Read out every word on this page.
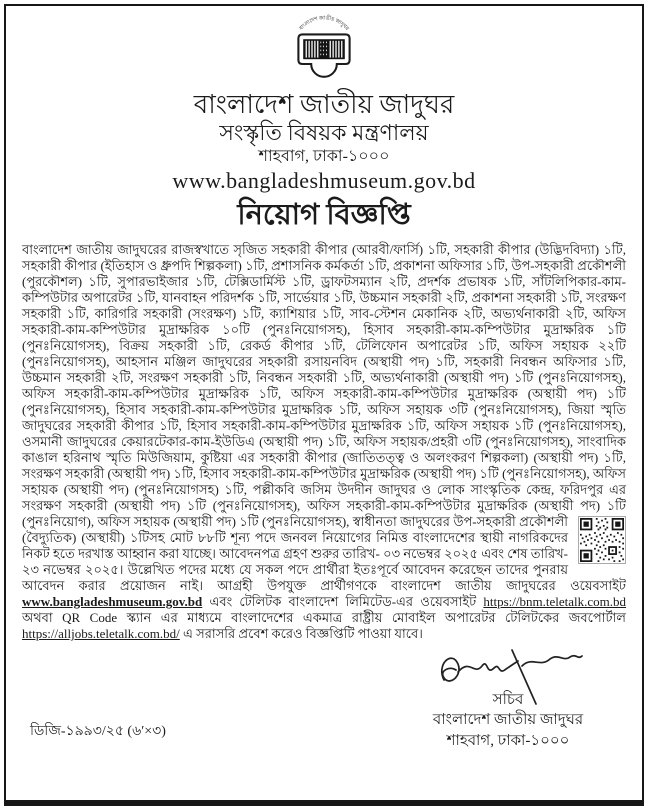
বাংলাদেশ জাতীয় জাদুঘর
বাংলাদেশ জাতীয় জাদুঘর
সংস্কৃতি বিষয়ক মন্ত্রণালয়
শাহবাগ, ঢাকা-১০০০
www.bangladeshmuseum.gov.bd
নিয়োগ বিজ্ঞপ্তি

বাংলাদেশ জাতীয় জাদুঘরের রাজস্বখাতে সৃজিত সহকারী কীপার (আরবী/ফার্সি) ১টি, সহকারী কীপার (উদ্ভিদবিদ্যা) ১টি, সহকারী কীপার (ইতিহাস ও ধ্রুপদি শিল্পকলা) ১টি, প্রশাসনিক কর্মকর্তা ১টি, প্রকাশনা অফিসার ১টি, উপ-সহকারী প্রকৌশলী (পুরকৌশল) ১টি, সুপারভাইজার ১টি, টেক্সিডার্মিস্ট ১টি, ড্রাফটসম্যান ২টি, প্রদর্শক প্রভাষক ১টি, সাঁটলিপিকার-কাম-কম্পিউটার অপারেটর ১টি, যানবাহন পরিদর্শক ১টি, সার্ভেয়ার ১টি, উচ্চমান সহকারী ২টি, প্রকাশনা সহকারী ১টি, সংরক্ষণ সহকারী ১টি, কারিগরি সহকারী (সংরক্ষণ) ১টি, ক্যাশিয়ার ১টি, সাব-স্টেশন মেকানিক ২টি, অভ্যর্থনাকারী ২টি, অফিস সহকারী-কাম-কম্পিউটার মুদ্রাক্ষরিক ১০টি (পুনঃনিয়োগসহ), হিসাব সহকারী-কাম-কম্পিউটার মুদ্রাক্ষরিক ১টি (পুনঃনিয়োগসহ), বিক্রয় সহকারী ১টি, রেকর্ড কীপার ১টি, টেলিফোন অপারেটর ১টি, অফিস সহায়ক ২২টি (পুনঃনিয়োগসহ), আহসান মঞ্জিল জাদুঘরের সহকারী রসায়নবিদ (অস্থায়ী পদ) ১টি, সহকারী নিবন্ধন অফিসার ১টি, উচ্চমান সহকারী ২টি, সংরক্ষণ সহকারী ১টি, নিবন্ধন সহকারী ১টি, অভ্যর্থনাকারী (অস্থায়ী পদ) ১টি (পুনঃনিয়োগসহ), অফিস সহকারী-কাম-কম্পিউটার মুদ্রাক্ষরিক ১টি, অফিস সহকারী-কাম-কম্পিউটার মুদ্রাক্ষরিক (অস্থায়ী পদ) ১টি (পুনঃনিয়োগসহ), হিসাব সহকারী-কাম-কম্পিউটার মুদ্রাক্ষরিক ১টি, অফিস সহায়ক ৩টি (পুনঃনিয়োগসহ), জিয়া স্মৃতি জাদুঘরের সহকারী কীপার ১টি, হিসাব সহকারী-কাম-কম্পিউটার মুদ্রাক্ষরিক ১টি, অফিস সহায়ক ১টি (পুনঃনিয়োগসহ), ওসমানী জাদুঘরের কেয়ারটেকার-কাম-ইউডিএ (অস্থায়ী পদ) ১টি, অফিস সহায়ক/প্রহরী ৩টি (পুনঃনিয়োগসহ), সাংবাদিক কাঙাল হরিনাথ স্মৃতি মিউজিয়াম, কুষ্টিয়া এর সহকারী কীপার (জাতিতত্ত্ব ও অলংকরণ শিল্পকলা) (অস্থায়ী পদ) ১টি, সংরক্ষণ সহকারী (অস্থায়ী পদ) ১টি, হিসাব সহকারী-কাম-কম্পিউটার মুদ্রাক্ষরিক (অস্থায়ী পদ) ১টি (পুনঃনিয়োগসহ), অফিস সহায়ক (অস্থায়ী পদ) (পুনঃনিয়োগসহ) ১টি, পল্লীকবি জসিম উদদীন জাদুঘর ও লোক সাংস্কৃতিক কেন্দ্র, ফরিদপুর এর সংরক্ষণ সহকারী (অস্থায়ী পদ) ১টি (পুনঃনিয়োগসহ), অফিস সহকারী-কাম-কম্পিউটার মুদ্রাক্ষরিক (অস্থায়ী পদ) ১টি (পুনঃনিয়োগ), অফিস সহায়ক (অস্থায়ী পদ) ১টি
(পুনঃনিয়োগসহ), স্বাধীনতা জাদুঘরের উপ-সহকারী প্রকৌশলী (বৈদ্যুতিক) (অস্থায়ী) ১টিসহ মোট ৮৮টি শূন্য পদে জনবল নিয়োগের নিমিত্ত বাংলাদেশের স্থায়ী নাগরিকদের নিকট হতে দরখাস্ত আহ্বান করা যাচ্ছে। আবেদনপত্র গ্রহণ শুরুর তারিখ- ০৩ নভেম্বর ২০২৫ এবং শেষ তারিখ- ২৩ নভেম্বর ২০২৫। উল্লেখিত পদের মধ্যে যে সকল পদে প্রার্থীরা ইতঃপূর্বে আবেদন করেছেন তাদের পুনরায় আবেদন করার প্রয়োজন নাই। আগ্রহী উপযুক্ত প্রার্থীগণকে বাংলাদেশ জাতীয় জাদুঘরের ওয়েবসাইট www.bangladeshmuseum.gov.bd এবং টেলিটক বাংলাদেশ লিমিটেড-এর ওয়েবসাইট https://bnm.teletalk.com.bd অথবা QR Code স্ক্যান এর মাধ্যমে বাংলাদেশের একমাত্র রাষ্ট্রীয় মোবাইল অপারেটর টেলিটকের জবপোর্টাল https://alljobs.teletalk.com.bd/ এ সরাসরি প্রবেশ করেও বিজ্ঞপ্তিটি পাওয়া যাবে।

ডিজি-১৯৯৩/২৫ (৬′×৩)
সচিব
বাংলাদেশ জাতীয় জাদুঘর
শাহবাগ, ঢাকা-১০০০
